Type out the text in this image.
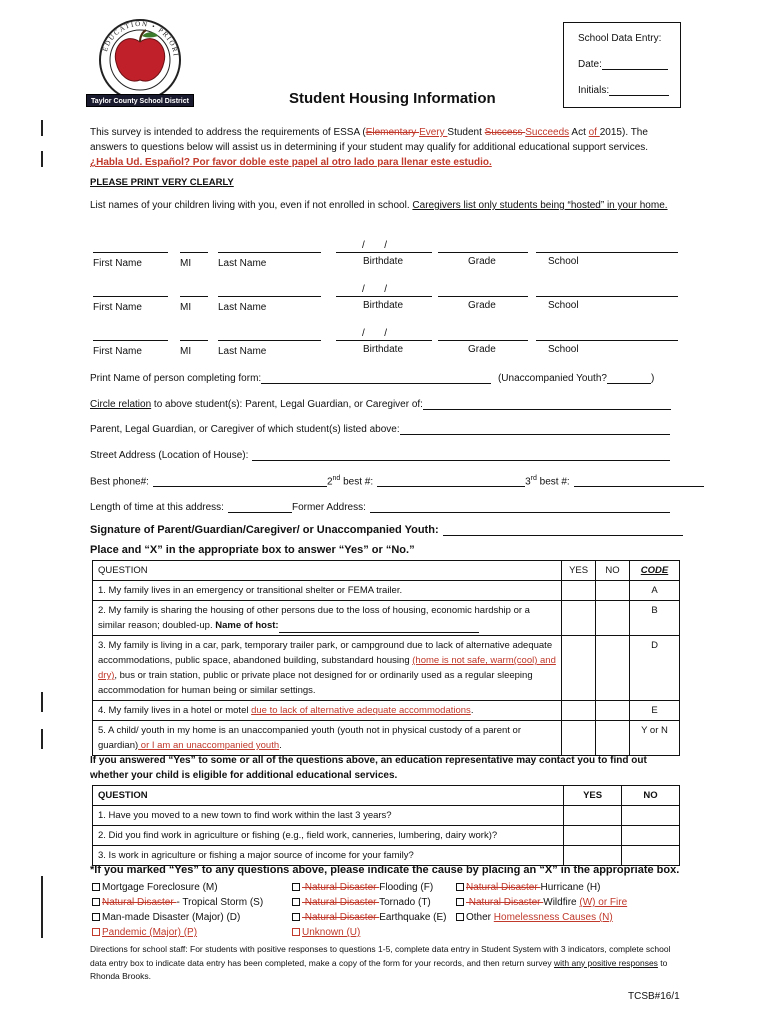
EDUCATION • PRIORI
Taylor County School District
School Data Entry:
Date:
Initials:
Student Housing Information
This survey is intended to address the requirements of ESSA (Elementary Every Student Success Succeeds Act of 2015). The answers to questions below will assist us in determining if your student may qualify for additional educational support services.
¿Habla Ud. Español? Por favor doble este papel al otro lado para llenar este estudio.
PLEASE PRINT VERY CLEARLY
List names of your children living with you, even if not enrolled in school. Caregivers list only students being “hosted” in your home.
/       /
First Name	MI	Last Name	Birthdate	Grade	School
/       /
First Name	MI	Last Name	Birthdate	Grade	School
/       /
First Name	MI	Last Name	Birthdate	Grade	School
Print Name of person completing form:	(Unaccompanied Youth?	)
Circle relation to above student(s): Parent, Legal Guardian, or Caregiver of:
Parent, Legal Guardian, or Caregiver of which student(s) listed above:
Street Address (Location of House):
Best phone#:	2nd best #:	3rd best #:
Length of time at this address:	Former Address:
Signature of Parent/Guardian/Caregiver/ or Unaccompanied Youth:
Place and “X” in the appropriate box to answer “Yes” or “No.”
QUESTION	YES	NO	CODE
1. My family lives in an emergency or transitional shelter or FEMA trailer.			A
2. My family is sharing the housing of other persons due to the loss of housing, economic hardship or a similar reason; doubled-up. Name of host:			B
3. My family is living in a car, park, temporary trailer park, or campground due to lack of alternative adequate accommodations, public space, abandoned building, substandard housing (home is not safe, warm(cool) and dry), bus or train station, public or private place not designed for or ordinarily used as a regular sleeping accommodation for human being or similar settings.			D
4. My family lives in a hotel or motel due to lack of alternative adequate accommodations.			E
5. A child/ youth in my home is an unaccompanied youth (youth not in physical custody of a parent or guardian) or I am an unaccompanied youth.			Y or N
If you answered “Yes” to some or all of the questions above, an education representative may contact you to find out whether your child is eligible for additional educational services.
QUESTION	YES	NO
1. Have you moved to a new town to find work within the last 3 years?		
2. Did you find work in agriculture or fishing (e.g., field work, canneries, lumbering, dairy work)?		
3. Is work in agriculture or fishing a major source of income for your family?		
*If you marked “Yes” to any questions above, please indicate the cause by placing an “X” in the appropriate box.
Mortgage Foreclosure (M)
Natural Disaster - Tropical Storm (S)
Man-made Disaster (Major) (D)
Pandemic (Major) (P)
Natural Disaster Flooding (F)
Natural Disaster Tornado (T)
Natural Disaster Earthquake (E)
Unknown (U)
Natural Disaster Hurricane (H)
Natural Disaster Wildfire (W) or Fire
Other Homelessness Causes (N)
Directions for school staff: For students with positive responses to questions 1-5, complete data entry in Student System with 3 indicators, complete school data entry box to indicate data entry has been completed, make a copy of the form for your records, and then return survey with any positive responses to Rhonda Brooks.
TCSB#16/1
